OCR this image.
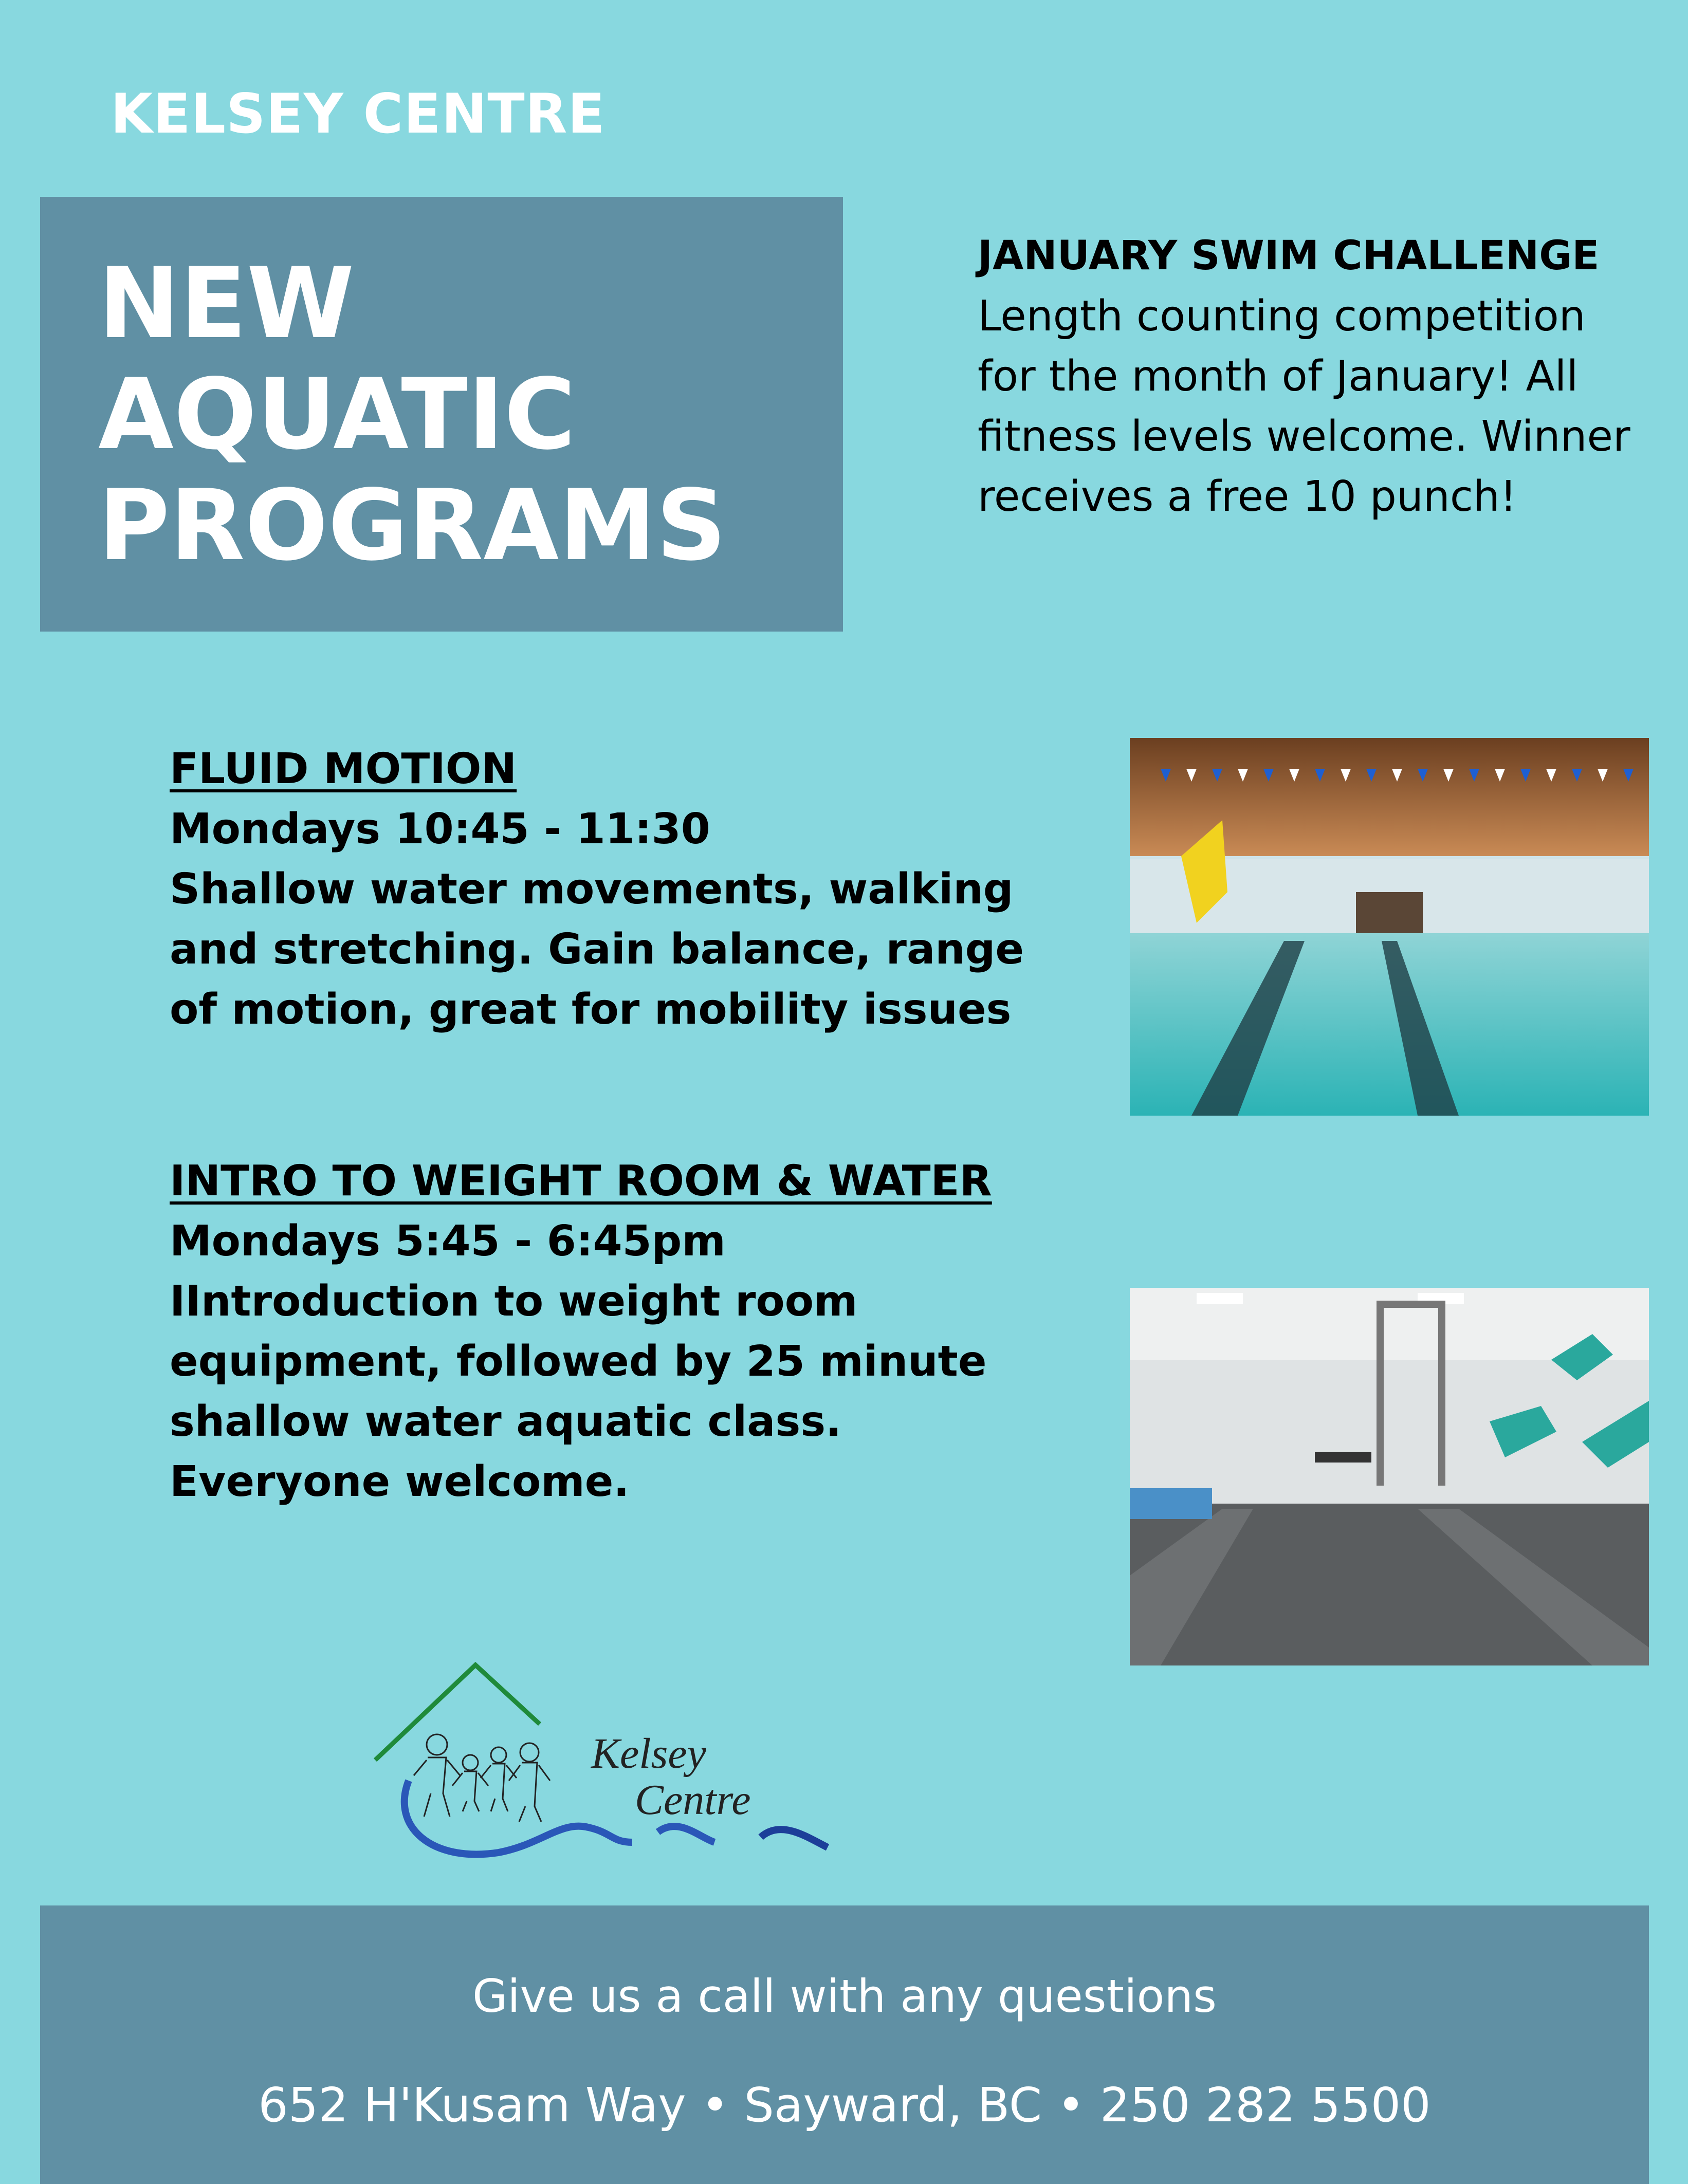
KELSEY CENTRE
NEW
AQUATIC
PROGRAMS
JANUARY SWIM CHALLENGE
Length counting competition for the month of January! All fitness levels welcome. Winner receives a free 10 punch!
FLUID MOTION
Mondays 10:45 - 11:30
Shallow water movements, walking and stretching. Gain balance, range of motion, great for mobility issues
INTRO TO WEIGHT ROOM & WATER
Mondays 5:45 - 6:45pm
IIntroduction to weight room equipment, followed by 25 minute shallow water aquatic class. Everyone welcome.
Kelsey
Centre
Give us a call with any questions
652 H'Kusam Way • Sayward, BC • 250 282 5500
